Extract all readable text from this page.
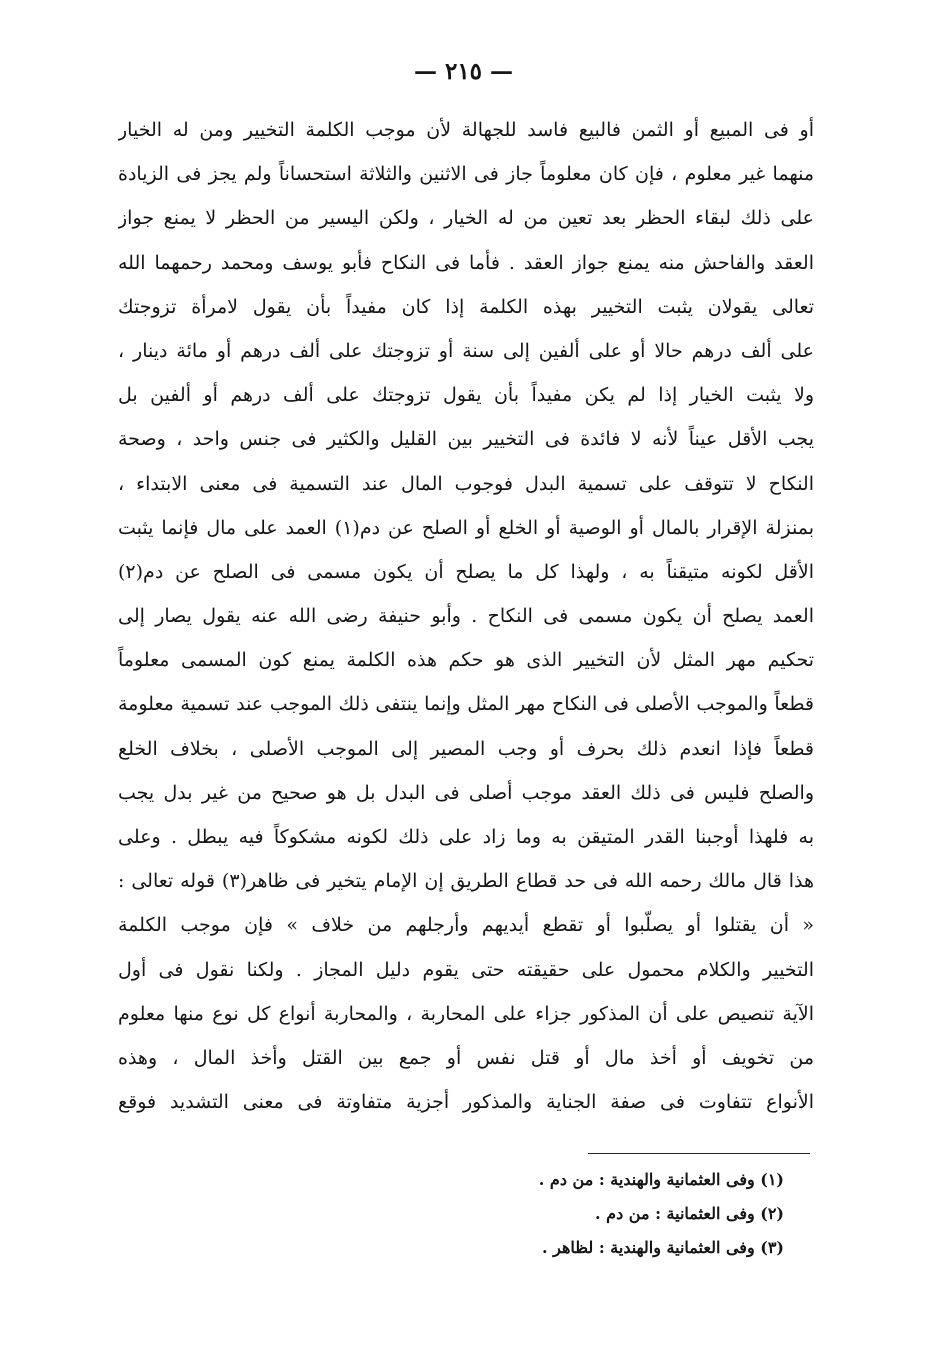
— ٢١٥ —
أو فى المبيع أو الثمن فالبيع فاسد للجهالة لأن موجب الكلمة التخيير ومن له الخيار
منهما غير معلوم ، فإن كان معلوماً جاز فى الاثنين والثلاثة استحساناً ولم يجز فى الزيادة
على ذلك لبقاء الحظر بعد تعين من له الخيار ، ولكن اليسير من الحظر لا يمنع جواز
العقد والفاحش منه يمنع جواز العقد . فأما فى النكاح فأبو يوسف ومحمد رحمهما الله
تعالى يقولان يثبت التخيير بهذه الكلمة إذا كان مفيداً بأن يقول لامرأة تزوجتك
على ألف درهم حالا أو على ألفين إلى سنة أو تزوجتك على ألف درهم أو مائة دينار ،
ولا يثبت الخيار إذا لم يكن مفيداً بأن يقول تزوجتك على ألف درهم أو ألفين بل
يجب الأقل عيناً لأنه لا فائدة فى التخيير بين القليل والكثير فى جنس واحد ، وصحة
النكاح لا تتوقف على تسمية البدل فوجوب المال عند التسمية فى معنى الابتداء ،
بمنزلة الإقرار بالمال أو الوصية أو الخلع أو الصلح عن دم(١) العمد على مال فإنما يثبت
الأقل لكونه متيقناً به ، ولهذا كل ما يصلح أن يكون مسمى فى الصلح عن دم(٢)
العمد يصلح أن يكون مسمى فى النكاح . وأبو حنيفة رضى الله عنه يقول يصار إلى
تحكيم مهر المثل لأن التخيير الذى هو حكم هذه الكلمة يمنع كون المسمى معلوماً
قطعاً والموجب الأصلى فى النكاح مهر المثل وإنما ينتفى ذلك الموجب عند تسمية معلومة
قطعاً فإذا انعدم ذلك بحرف أو وجب المصير إلى الموجب الأصلى ، بخلاف الخلع
والصلح فليس فى ذلك العقد موجب أصلى فى البدل بل هو صحيح من غير بدل يجب
به فلهذا أوجبنا القدر المتيقن به وما زاد على ذلك لكونه مشكوكاً فيه يبطل . وعلى
هذا قال مالك رحمه الله فى حد قطاع الطريق إن الإمام يتخير فى ظاهر(٣) قوله تعالى :
« أن يقتلوا أو يصلّبوا أو تقطع أيديهم وأرجلهم من خلاف » فإن موجب الكلمة
التخيير والكلام محمول على حقيقته حتى يقوم دليل المجاز . ولكنا نقول فى أول
الآية تنصيص على أن المذكور جزاء على المحاربة ، والمحاربة أنواع كل نوع منها معلوم
من تخويف أو أخذ مال أو قتل نفس أو جمع بين القتل وأخذ المال ، وهذه
الأنواع تتفاوت فى صفة الجناية والمذكور أجزية متفاوتة فى معنى التشديد فوقع
(١) وفى العثمانية والهندية : من دم .
(٢) وفى العثمانية : من دم .
(٣) وفى العثمانية والهندية : لظاهر .
